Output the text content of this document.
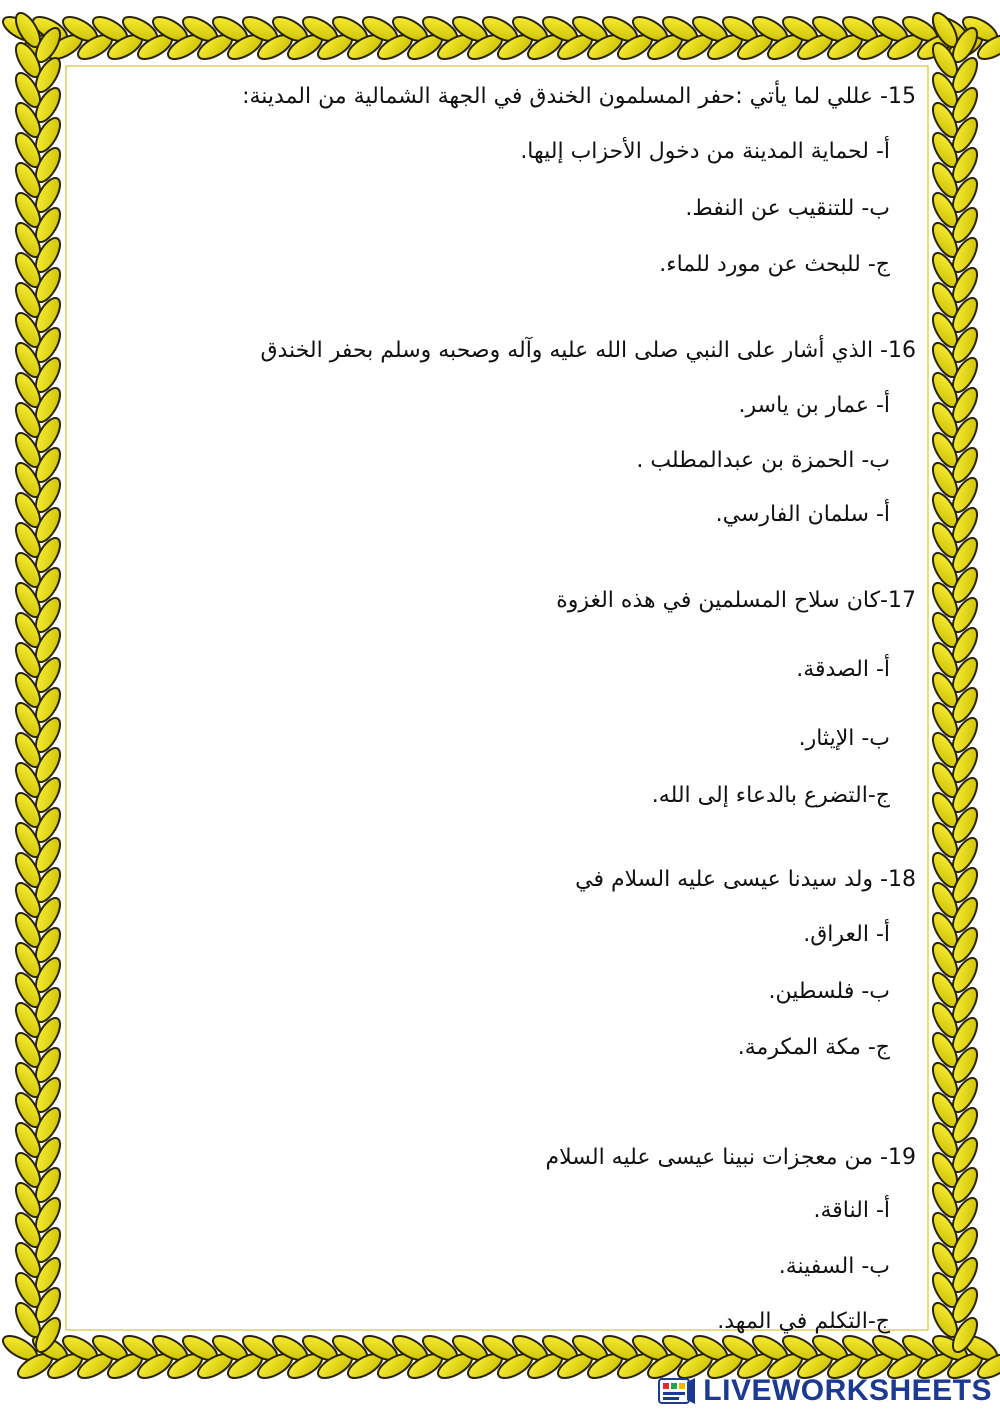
15- عللي لما يأتي :حفر المسلمون الخندق في الجهة الشمالية من المدينة:
أ- لحماية المدينة من دخول الأحزاب إليها.
ب- للتنقيب عن النفط.
ج- للبحث عن مورد للماء.
16- الذي أشار على النبي صلى الله عليه وآله وصحبه وسلم بحفر الخندق
أ- عمار بن ياسر.
ب- الحمزة بن عبدالمطلب .
أ- سلمان الفارسي.
17-كان سلاح المسلمين في هذه الغزوة
أ- الصدقة.
ب- الإيثار.
ج-التضرع بالدعاء إلى الله.
18- ولد سيدنا عيسى عليه السلام في
أ- العراق.
ب- فلسطين.
ج- مكة المكرمة.
19- من معجزات نبينا عيسى عليه السلام
أ- الناقة.
ب- السفينة.
ج-التكلم في المهد.
LIVEWORKSHEETS
